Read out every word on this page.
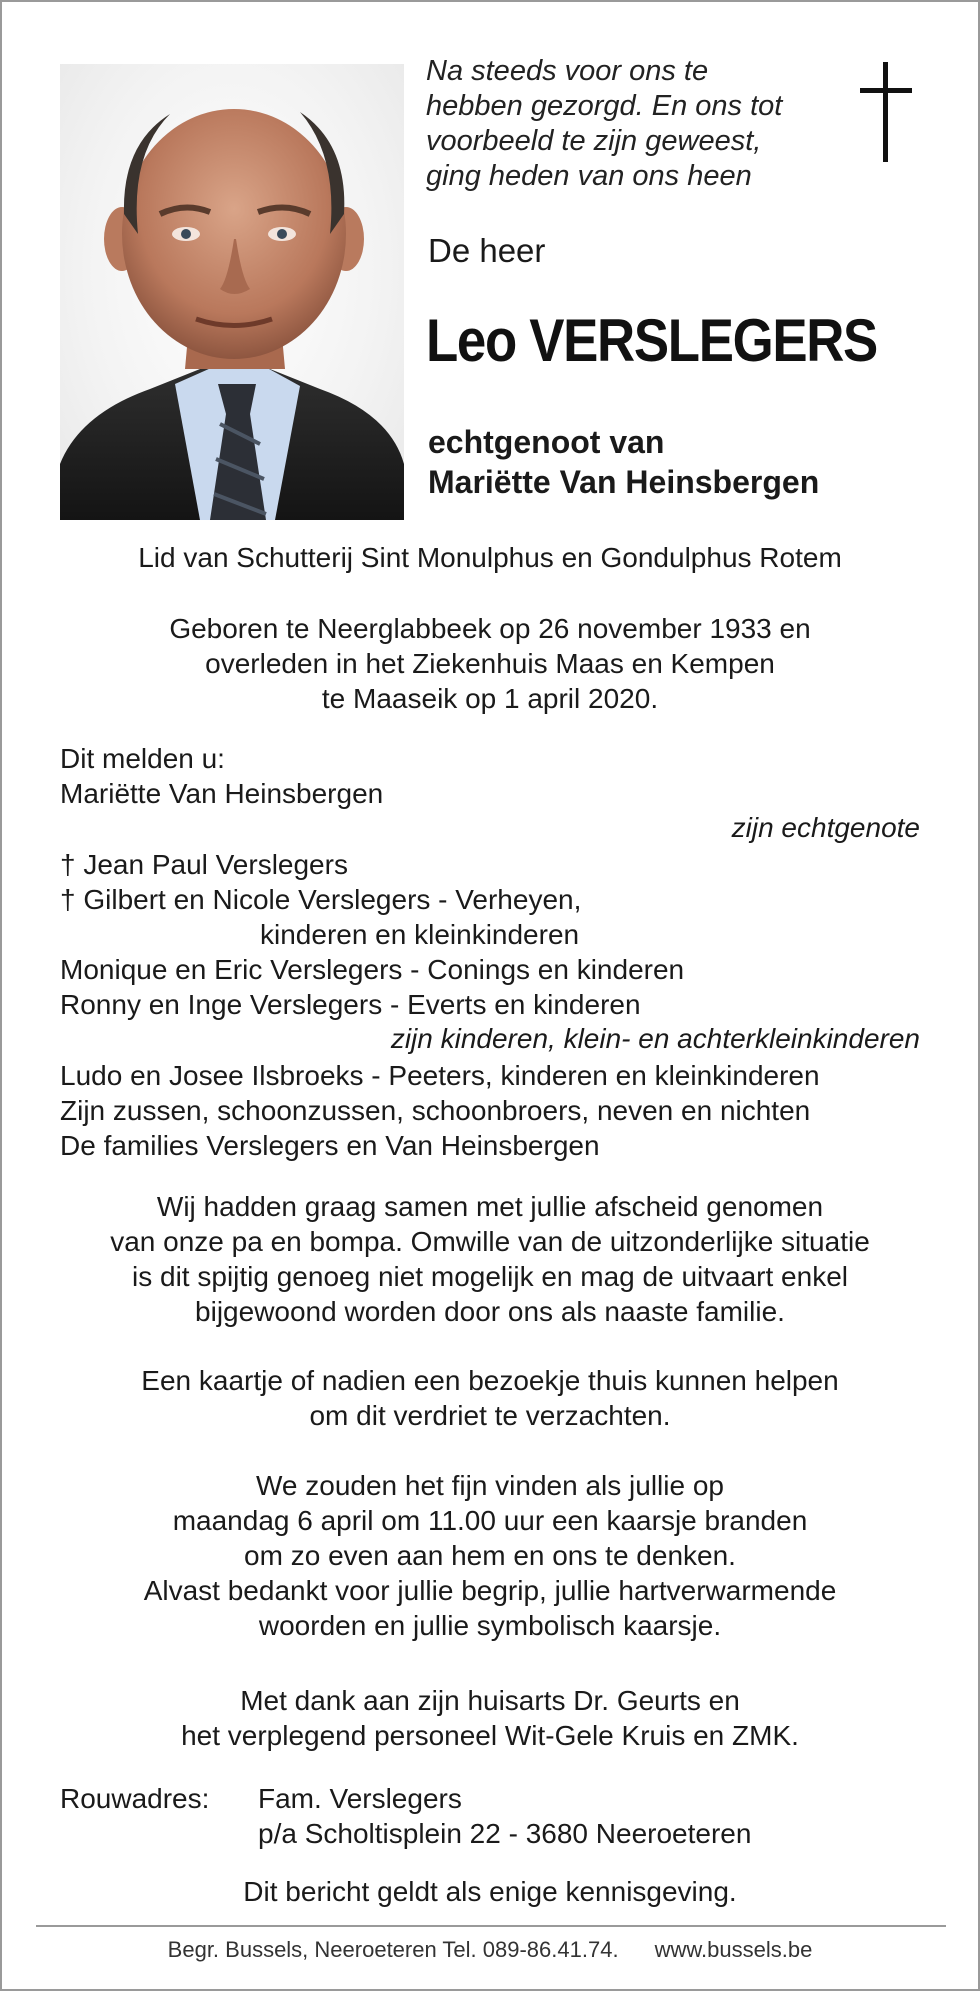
Na steeds voor ons te
hebben gezorgd. En ons tot
voorbeeld te zijn geweest,
ging heden van ons heen
De heer
Leo VERSLEGERS
echtgenoot van
Mariëtte Van Heinsbergen
Lid van Schutterij Sint Monulphus en Gondulphus Rotem
Geboren te Neerglabbeek op 26 november 1933 en
overleden in het Ziekenhuis Maas en Kempen
te Maaseik op 1 april 2020.
Dit melden u:
Mariëtte Van Heinsbergen
zijn echtgenote
† Jean Paul Verslegers
† Gilbert en Nicole Verslegers - Verheyen,
kinderen en kleinkinderen
Monique en Eric Verslegers - Conings en kinderen
Ronny en Inge Verslegers - Everts en kinderen
zijn kinderen, klein- en achterkleinkinderen
Ludo en Josee Ilsbroeks - Peeters, kinderen en kleinkinderen
Zijn zussen, schoonzussen, schoonbroers, neven en nichten
De families Verslegers en Van Heinsbergen
Wij hadden graag samen met jullie afscheid genomen
van onze pa en bompa. Omwille van de uitzonderlijke situatie
is dit spijtig genoeg niet mogelijk en mag de uitvaart enkel
bijgewoond worden door ons als naaste familie.
Een kaartje of nadien een bezoekje thuis kunnen helpen
om dit verdriet te verzachten.
We zouden het fijn vinden als jullie op
maandag 6 april om 11.00 uur een kaarsje branden
om zo even aan hem en ons te denken.
Alvast bedankt voor jullie begrip, jullie hartverwarmende
woorden en jullie symbolisch kaarsje.
Met dank aan zijn huisarts Dr. Geurts en
het verplegend personeel Wit-Gele Kruis en ZMK.
Rouwadres: Fam. Verslegers
p/a Scholtisplein 22 - 3680 Neeroeteren
Dit bericht geldt als enige kennisgeving.
Begr. Bussels, Neeroeteren Tel. 089-86.41.74. www.bussels.be
